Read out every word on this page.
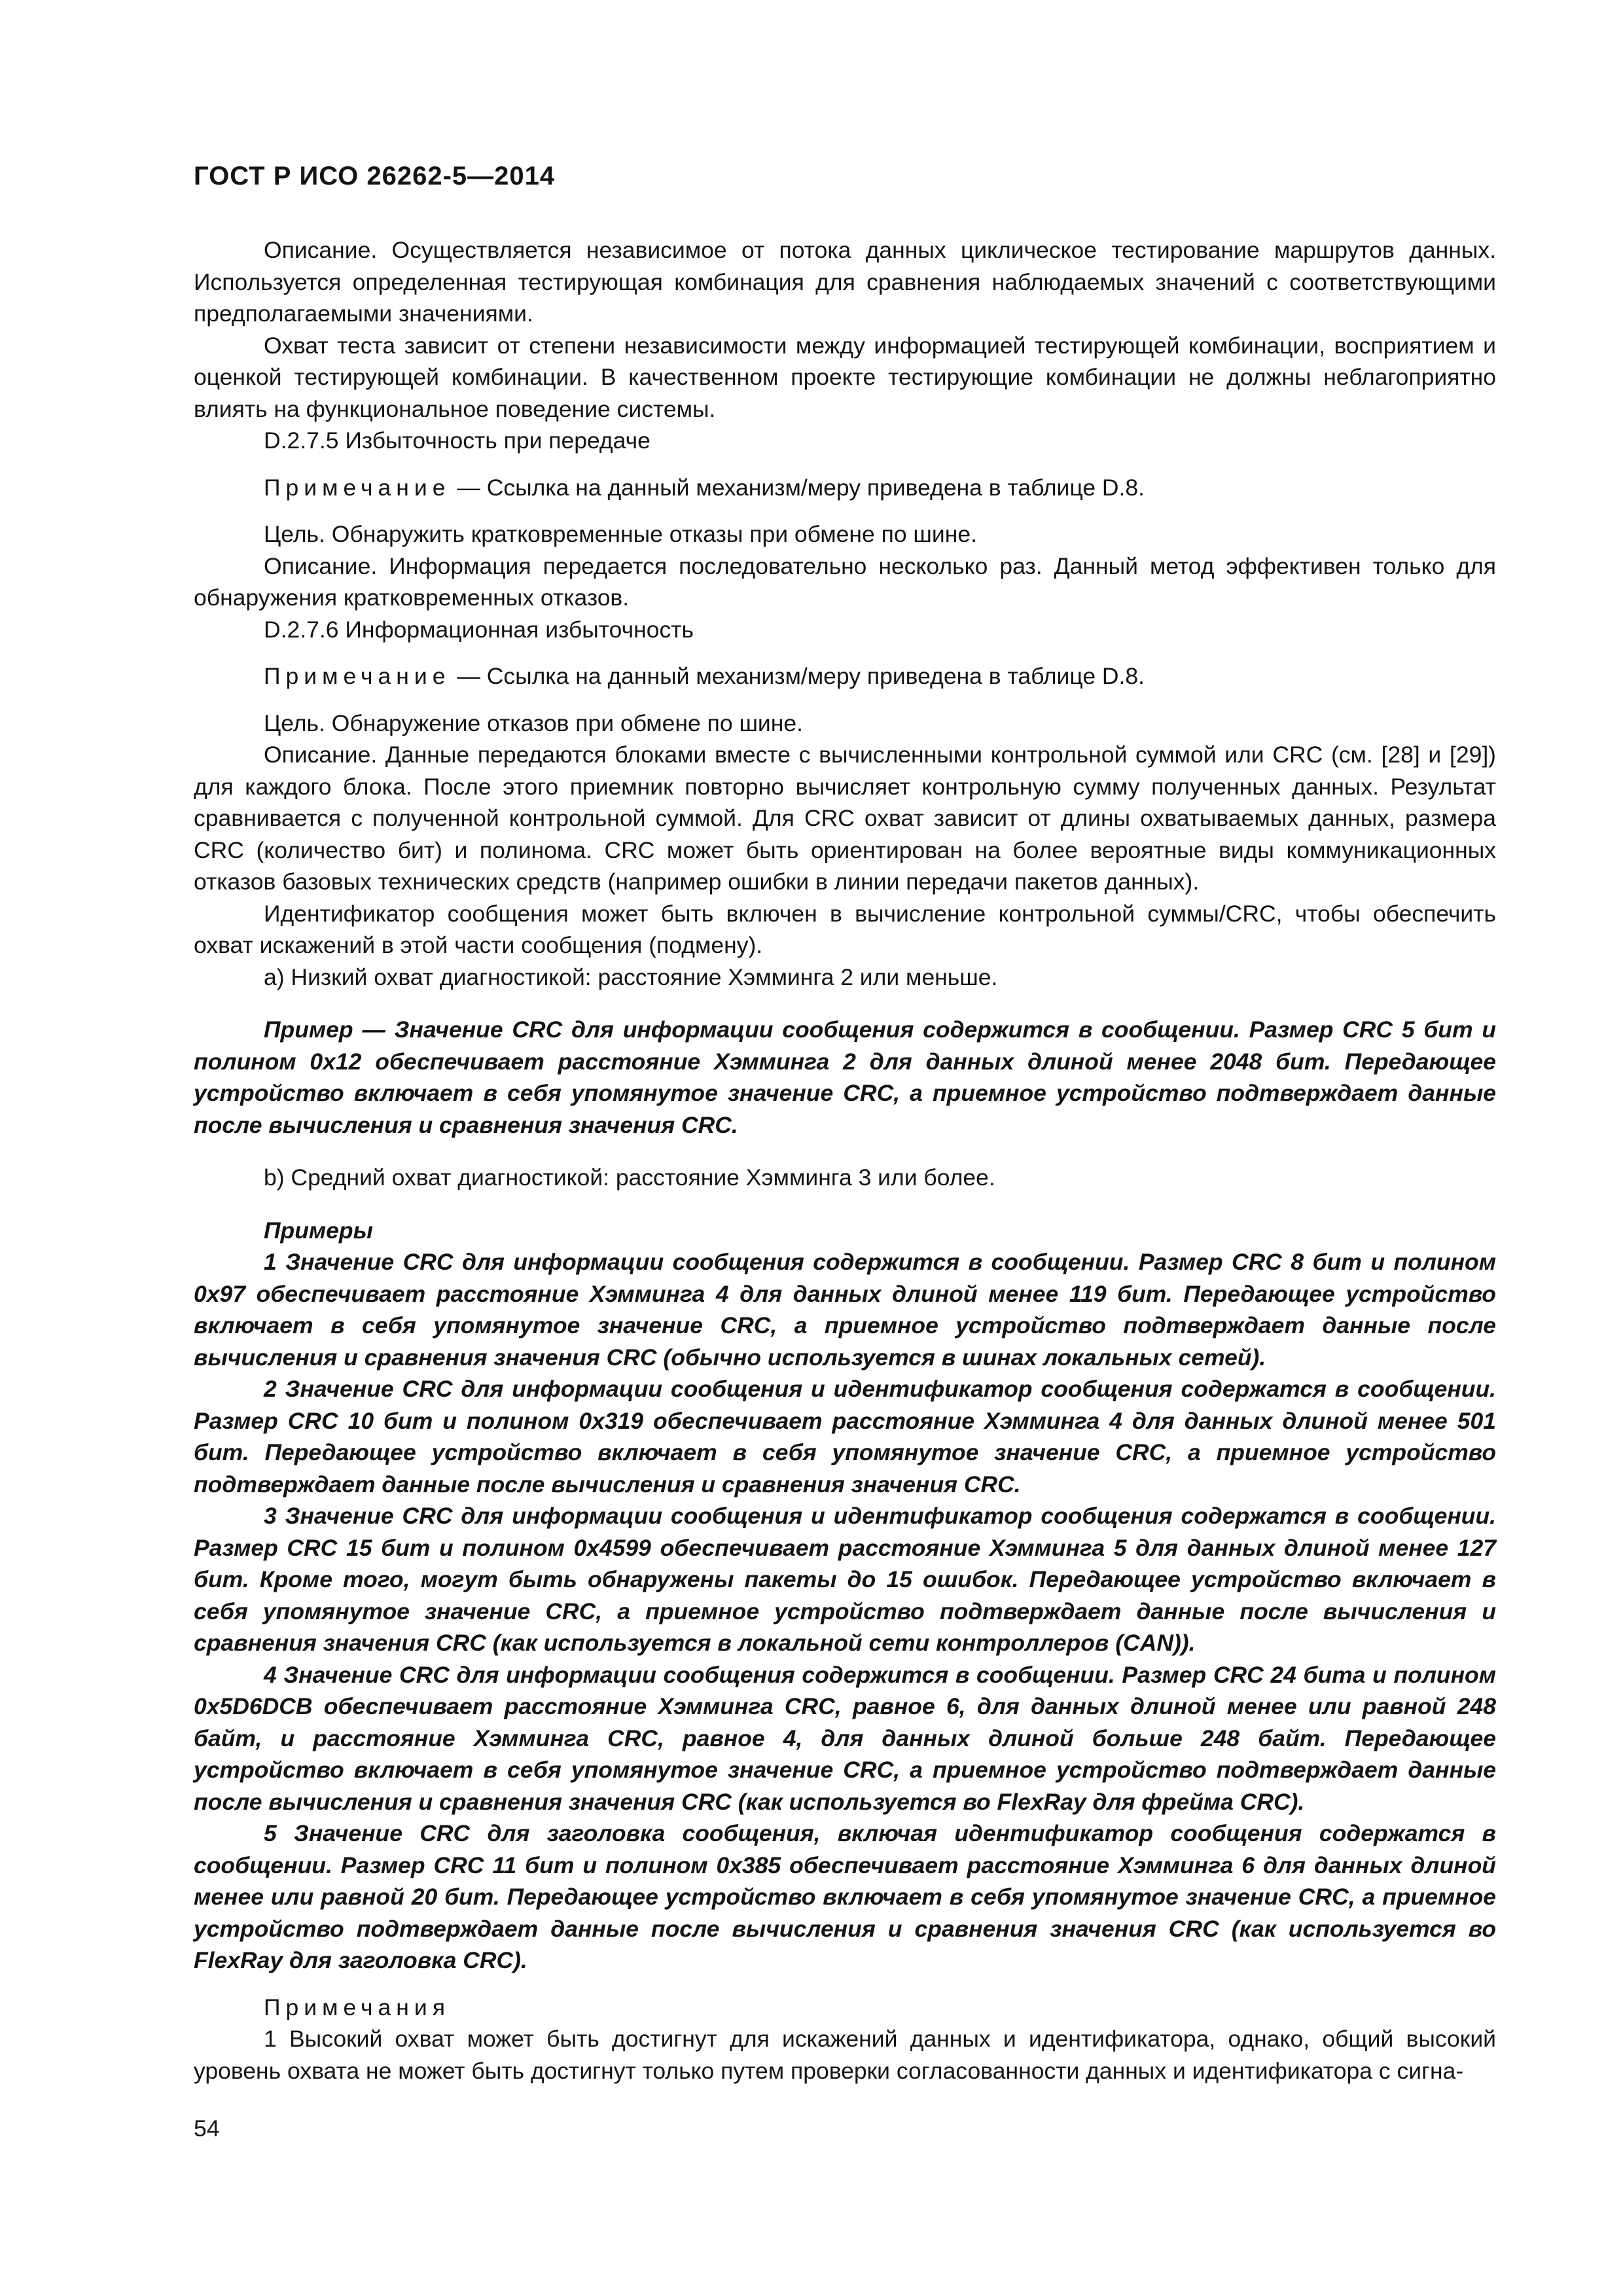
ГОСТ Р ИСО 26262-5—2014

Описание. Осуществляется независимое от потока данных циклическое тестирование маршрутов данных. Используется определенная тестирующая комбинация для сравнения наблюдаемых значений с соответствующими предполагаемыми значениями.

Охват теста зависит от степени независимости между информацией тестирующей комбинации, восприятием и оценкой тестирующей комбинации. В качественном проекте тестирующие комбинации не должны неблагоприятно влиять на функциональное поведение системы.

D.2.7.5 Избыточность при передаче

Примечание — Ссылка на данный механизм/меру приведена в таблице D.8.

Цель. Обнаружить кратковременные отказы при обмене по шине.

Описание. Информация передается последовательно несколько раз. Данный метод эффективен только для обнаружения кратковременных отказов.

D.2.7.6 Информационная избыточность

Примечание — Ссылка на данный механизм/меру приведена в таблице D.8.

Цель. Обнаружение отказов при обмене по шине.

Описание. Данные передаются блоками вместе с вычисленными контрольной суммой или CRC (см. [28] и [29]) для каждого блока. После этого приемник повторно вычисляет контрольную сумму полученных данных. Результат сравнивается с полученной контрольной суммой. Для CRC охват зависит от длины охватываемых данных, размера CRC (количество бит) и полинома. CRC может быть ориентирован на более вероятные виды коммуникационных отказов базовых технических средств (например ошибки в линии передачи пакетов данных).

Идентификатор сообщения может быть включен в вычисление контрольной суммы/CRC, чтобы обеспечить охват искажений в этой части сообщения (подмену).

a) Низкий охват диагностикой: расстояние Хэмминга 2 или меньше.

Пример — Значение CRC для информации сообщения содержится в сообщении. Размер CRC 5 бит и полином 0x12 обеспечивает расстояние Хэмминга 2 для данных длиной менее 2048 бит. Передающее устройство включает в себя упомянутое значение CRC, а приемное устройство подтверждает данные после вычисления и сравнения значения CRC.

b) Средний охват диагностикой: расстояние Хэмминга 3 или более.

Примеры

1 Значение CRC для информации сообщения содержится в сообщении. Размер CRC 8 бит и полином 0x97 обеспечивает расстояние Хэмминга 4 для данных длиной менее 119 бит. Передающее устройство включает в себя упомянутое значение CRC, а приемное устройство подтверждает данные после вычисления и сравнения значения CRC (обычно используется в шинах локальных сетей).

2 Значение CRC для информации сообщения и идентификатор сообщения содержатся в сообщении. Размер CRC 10 бит и полином 0x319 обеспечивает расстояние Хэмминга 4 для данных длиной менее 501 бит. Передающее устройство включает в себя упомянутое значение CRC, а приемное устройство подтверждает данные после вычисления и сравнения значения CRC.

3 Значение CRC для информации сообщения и идентификатор сообщения содержатся в сообщении. Размер CRC 15 бит и полином 0x4599 обеспечивает расстояние Хэмминга 5 для данных длиной менее 127 бит. Кроме того, могут быть обнаружены пакеты до 15 ошибок. Передающее устройство включает в себя упомянутое значение CRC, а приемное устройство подтверждает данные после вычисления и сравнения значения CRC (как используется в локальной сети контроллеров (CAN)).

4 Значение CRC для информации сообщения содержится в сообщении. Размер CRC 24 бита и полином 0x5D6DCB обеспечивает расстояние Хэмминга CRC, равное 6, для данных длиной менее или равной 248 байт, и расстояние Хэмминга CRC, равное 4, для данных длиной больше 248 байт. Передающее устройство включает в себя упомянутое значение CRC, а приемное устройство подтверждает данные после вычисления и сравнения значения CRC (как используется во FlexRay для фрейма CRC).

5 Значение CRC для заголовка сообщения, включая идентификатор сообщения содержатся в сообщении. Размер CRC 11 бит и полином 0x385 обеспечивает расстояние Хэмминга 6 для данных длиной менее или равной 20 бит. Передающее устройство включает в себя упомянутое значение CRC, а приемное устройство подтверждает данные после вычисления и сравнения значения CRC (как используется во FlexRay для заголовка CRC).

Примечания

1 Высокий охват может быть достигнут для искажений данных и идентификатора, однако, общий высокий уровень охвата не может быть достигнут только путем проверки согласованности данных и идентификатора с сигна-

54
